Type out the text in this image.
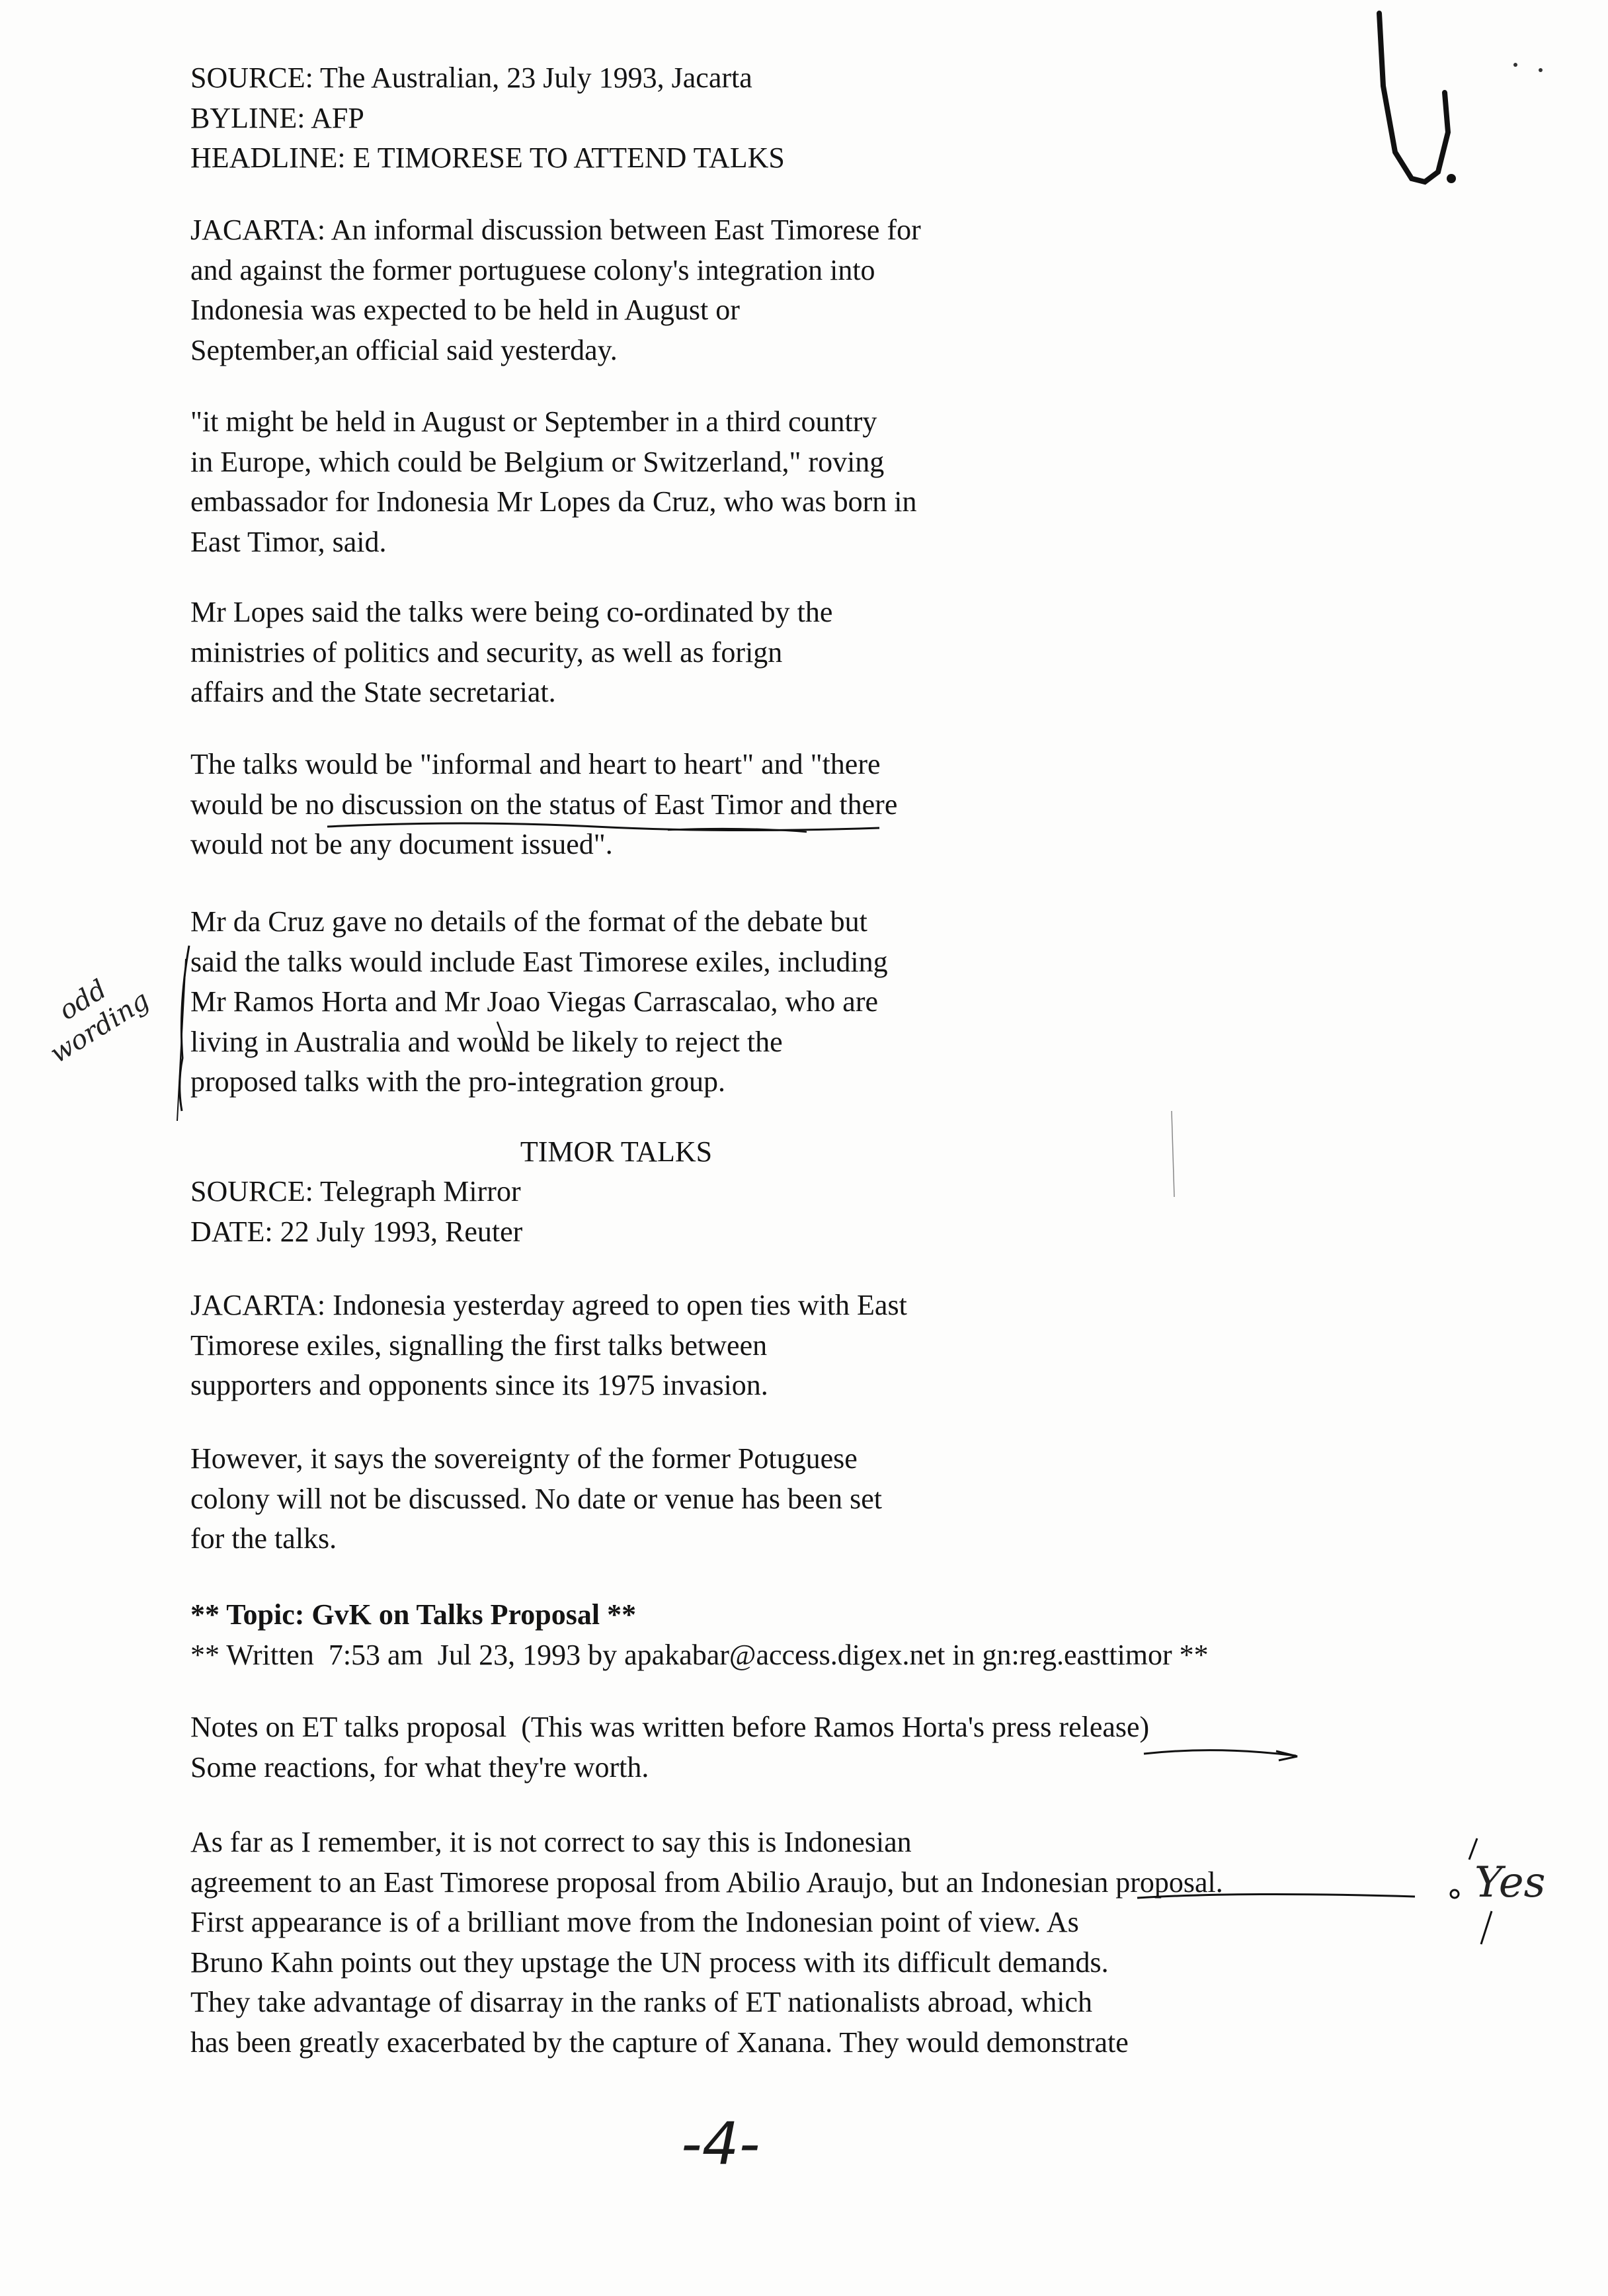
SOURCE: The Australian, 23 July 1993, Jacarta
BYLINE: AFP
HEADLINE: E TIMORESE TO ATTEND TALKS
JACARTA: An informal discussion between East Timorese for
and against the former portuguese colony's integration into
Indonesia was expected to be held in August or
September,an official said yesterday.
"it might be held in August or September in a third country
in Europe, which could be Belgium or Switzerland," roving
embassador for Indonesia Mr Lopes da Cruz, who was born in
East Timor, said.
Mr Lopes said the talks were being co-ordinated by the
ministries of politics and security, as well as forign
affairs and the State secretariat.
The talks would be "informal and heart to heart" and "there
would be no discussion on the status of East Timor and there
would not be any document issued".
Mr da Cruz gave no details of the format of the debate but
said the talks would include East Timorese exiles, including
Mr Ramos Horta and Mr Joao Viegas Carrascalao, who are
living in Australia and would be likely to reject the
proposed talks with the pro-integration group.
TIMOR TALKS
SOURCE: Telegraph Mirror
DATE: 22 July 1993, Reuter
JACARTA: Indonesia yesterday agreed to open ties with East
Timorese exiles, signalling the first talks between
supporters and opponents since its 1975 invasion.
However, it says the sovereignty of the former Potuguese
colony will not be discussed. No date or venue has been set
for the talks.
** Topic: GvK on Talks Proposal **
** Written  7:53 am  Jul 23, 1993 by apakabar@access.digex.net in gn:reg.easttimor **
Notes on ET talks proposal  (This was written before Ramos Horta's press release)
Some reactions, for what they're worth.
As far as I remember, it is not correct to say this is Indonesian
agreement to an East Timorese proposal from Abilio Araujo, but an Indonesian proposal.
First appearance is of a brilliant move from the Indonesian point of view. As
Bruno Kahn points out they upstage the UN process with its difficult demands.
They take advantage of disarray in the ranks of ET nationalists abroad, which
has been greatly exacerbated by the capture of Xanana. They would demonstrate
odd wording
Yes
-4-
